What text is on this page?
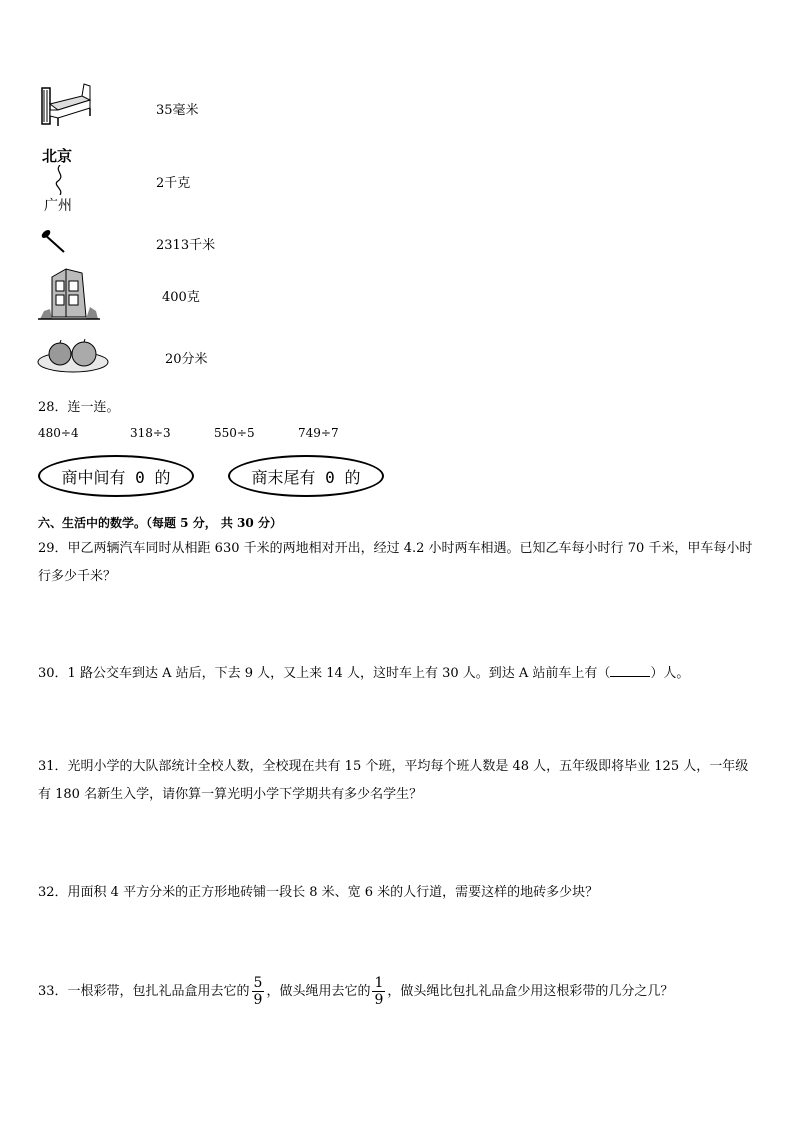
35毫米
北京
广州
2千克
2313千米
400克
20分米
28．连一连。
480÷4	318÷3	550÷5	749÷7
商中间有 0 的	商末尾有 0 的
六、生活中的数学。（每题 5 分， 共 30 分）
29．甲乙两辆汽车同时从相距 630 千米的两地相对开出，经过 4.2 小时两车相遇。已知乙车每小时行 70 千米，甲车每小时行多少千米？
30．1 路公交车到达 A 站后，下去 9 人，又上来 14 人，这时车上有 30 人。到达 A 站前车上有（	）人。
31．光明小学的大队部统计全校人数，全校现在共有 15 个班，平均每个班人数是 48 人，五年级即将毕业 125 人，一年级有 180 名新生入学，请你算一算光明小学下学期共有多少名学生？
32．用面积 4 平方分米的正方形地砖铺一段长 8 米、宽 6 米的人行道，需要这样的地砖多少块？
33．一根彩带，包扎礼品盒用去它的 $\frac{5}{9}$ ，做头绳用去它的 $\frac{1}{9}$ ，做头绳比包扎礼品盒少用这根彩带的几分之几？
